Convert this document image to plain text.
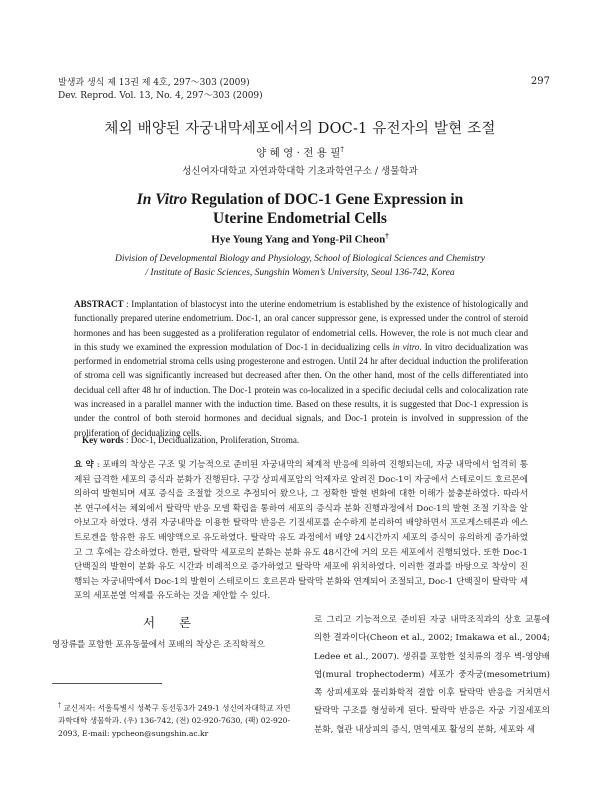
발생과 생식 제 13권 제 4호, 297～303 (2009)
Dev. Reprod. Vol. 13, No. 4, 297～303 (2009)
297
체외 배양된 자궁내막세포에서의 DOC-1 유전자의 발현 조절
양 혜 영 · 전 용 필†
성신여자대학교 자연과학대학 기초과학연구소 / 생물학과
In Vitro Regulation of DOC-1 Gene Expression in
Uterine Endometrial Cells
Hye Young Yang and Yong-Pil Cheon†
Division of Developmental Biology and Physiology, School of Biological Sciences and Chemistry
/ Institute of Basic Sciences, Sungshin Women’s University, Seoul 136-742, Korea
ABSTRACT : Implantation of blastocyst into the uterine endometrium is established by the existence of histologically and functionally prepared uterine endometrium. Doc-1, an oral cancer suppressor gene, is expressed under the control of steroid hormones and has been suggested as a proliferation regulator of endometrial cells. However, the role is not much clear and in this study we examined the expression modulation of Doc-1 in decidualizing cells in vitro. In vitro decidualization was performed in endometrial stroma cells using progesterone and estrogen. Until 24 hr after decidual induction the proliferation of stroma cell was significantly increased but decreased after then. On the other hand, most of the cells differentiated into decidual cell after 48 hr of induction. The Doc-1 protein was co-localized in a specific deciudal cells and colocalization rate was increased in a parallel manner with the induction time. Based on these results, it is suggested that Doc-1 expression is under the control of both steroid hormones and decidual signals, and Doc-1 protein is involved in suppression of the proliferation of decidualizing cells.
Key words : Doc-1, Decidualization, Proliferation, Stroma.
요 약 : 포배의 착상은 구조 및 기능적으로 준비된 자궁내막의 체계적 반응에 의하여 진행되는데, 자궁 내막에서 엄격히 통제된 급격한 세포의 증식과 분화가 진행된다. 구강 상피세포암의 억제자로 알려진 Doc-1이 자궁에서 스테로이드 호르몬에 의하여 발현되며 세포 증식을 조절할 것으로 추정되어 왔으나, 그 정확한 발현 변화에 대한 이해가 불충분하였다. 따라서 본 연구에서는 체외에서 탈락막 반응 모델 확립을 통하여 세포의 증식과 분화 진행과정에서 Doc-1의 발현 조절 기작을 알아보고자 하였다. 생쥐 자궁내막을 이용한 탈락막 반응은 기질세포를 순수하게 분리하여 배양하면서 프로게스테론과 에스트로겐을 함유한 유도 배양액으로 유도하였다. 탈락막 유도 과정에서 배양 24시간까지 세포의 증식이 유의하게 증가하였고 그 후에는 감소하였다. 한편, 탈락막 세포로의 분화는 분화 유도 48시간에 거의 모든 세포에서 진행되었다. 또한 Doc-1 단백질의 발현이 분화 유도 시간과 비례적으로 증가하였고 탈락막 세포에 위치하였다. 이러한 결과를 바탕으로 착상이 진행되는 자궁내막에서 Doc-1의 발현이 스테로이드 호르몬과 탈락막 분화와 연계되어 조절되고, Doc-1 단백질이 탈락막 세포의 세포분열 억제를 유도하는 것을 제안할 수 있다.
서 론
영장류를 포함한 포유동물에서 포배의 착상은 조직학적으
† 교신저자: 서울특별시 성북구 동선동3가 249-1 성신여자대학교 자연과학대학 생물학과. (우) 136-742, (전) 02-920-7630, (팩) 02-920-2093, E-mail: ypcheon@sungshin.ac.kr
로 그리고 기능적으로 준비된 자궁 내막조직과의 상호 교통에 의한 결과이다(Cheon et al., 2002; Imakawa et al., 2004; Ledee et al., 2007). 생쥐를 포함한 설치류의 경우 벽-영양배엽(mural trophectoderm) 세포가 중자궁(mesometrium)쪽 상피세포와 물리화학적 결합 이후 탈락막 반응을 거치면서 탈락막 구조를 형성하게 된다. 탈락막 반응은 자궁 기질세포의 분화, 혈관 내상피의 증식, 면역세포 활성의 분화, 세포와 세
